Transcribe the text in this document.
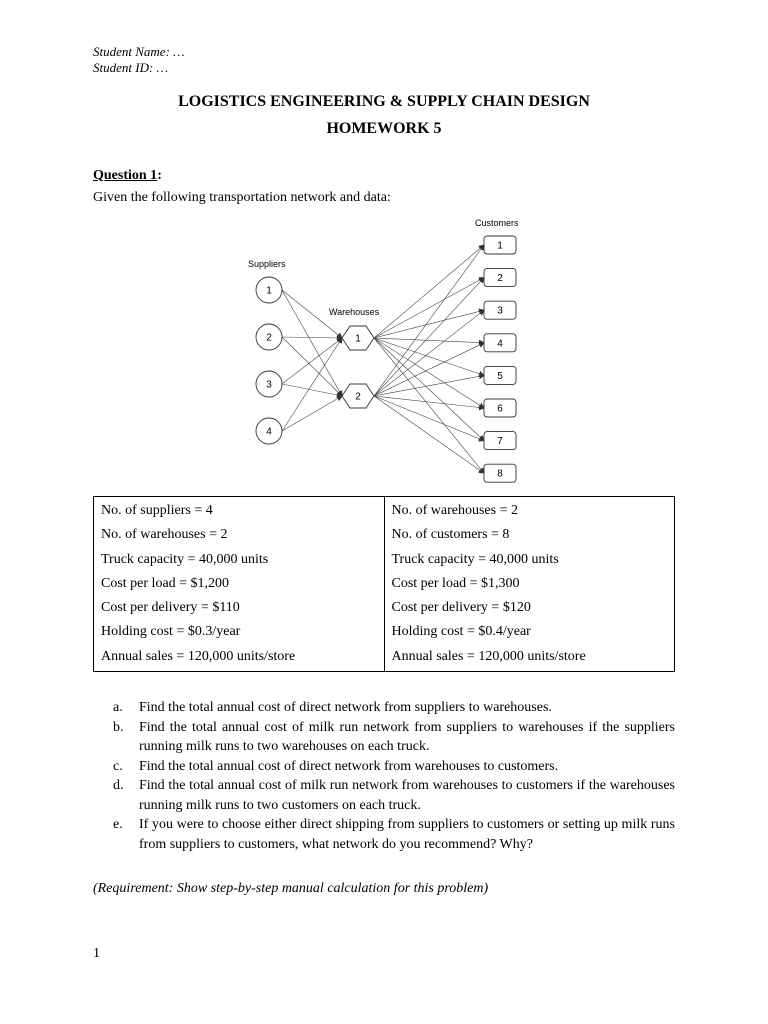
Student Name: …
Student ID: …
LOGISTICS ENGINEERING & SUPPLY CHAIN DESIGN
HOMEWORK 5
Question 1:
Given the following transportation network and data:
1
2
3
4
1
2
1
2
3
4
5
6
7
8
Suppliers
Warehouses
Customers
No. of suppliers = 4	No. of warehouses = 2
No. of warehouses = 2	No. of customers = 8
Truck capacity = 40,000 units	Truck capacity = 40,000 units
Cost per load = $1,200	Cost per load = $1,300
Cost per delivery = $110	Cost per delivery = $120
Holding cost = $0.3/year	Holding cost = $0.4/year
Annual sales = 120,000 units/store	Annual sales = 120,000 units/store
a.	Find the total annual cost of direct network from suppliers to warehouses.
b.	Find the total annual cost of milk run network from suppliers to warehouses if the suppliers running milk runs to two warehouses on each truck.
c.	Find the total annual cost of direct network from warehouses to customers.
d.	Find the total annual cost of milk run network from warehouses to customers if the warehouses running milk runs to two customers on each truck.
e.	If you were to choose either direct shipping from suppliers to customers or setting up milk runs from suppliers to customers, what network do you recommend? Why?
(Requirement: Show step-by-step manual calculation for this problem)
1
